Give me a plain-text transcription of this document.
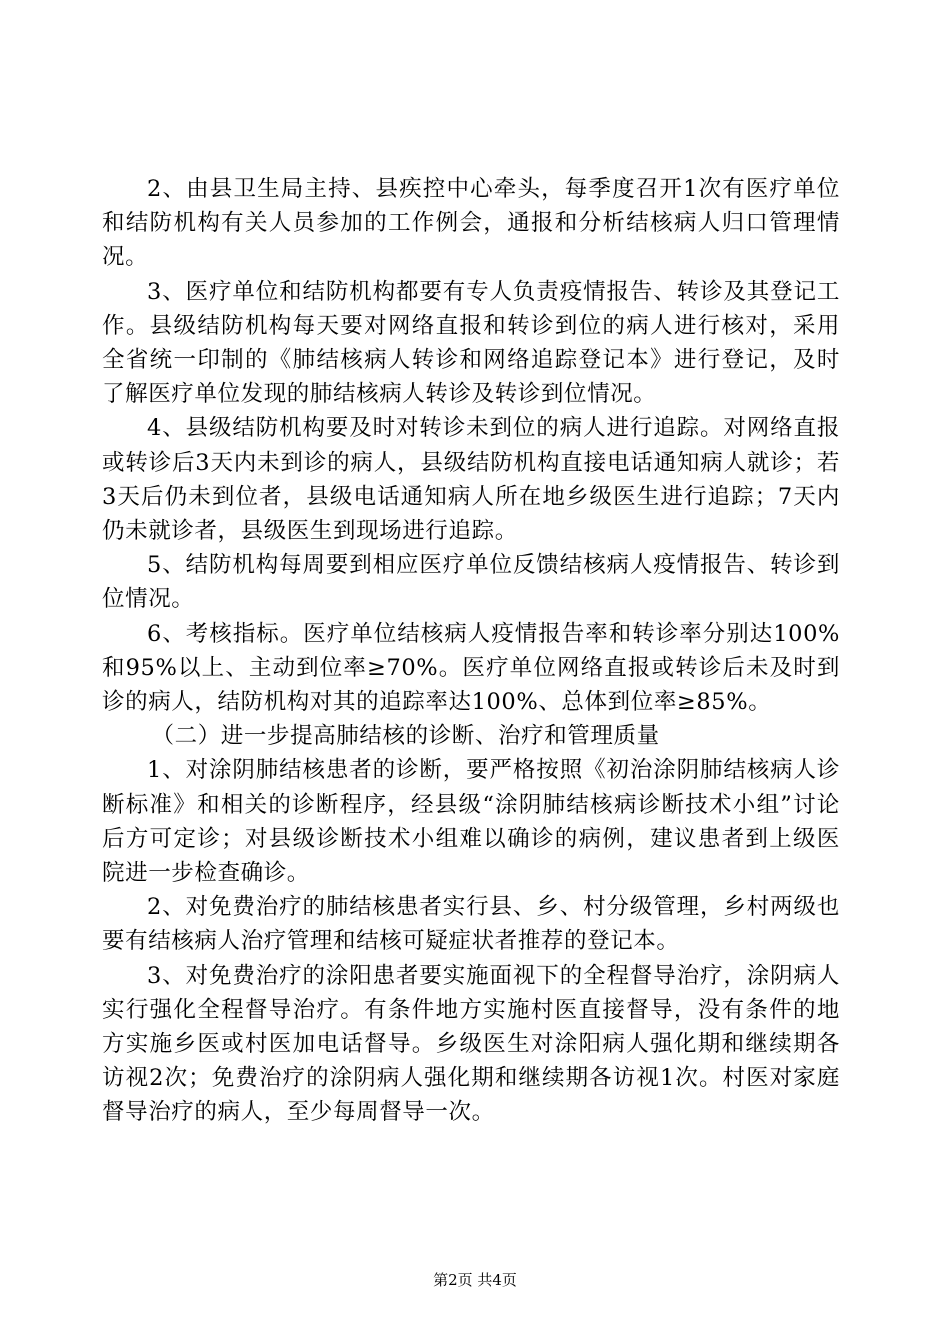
2、由县卫生局主持、县疾控中心牵头，每季度召开1次有医疗单位和结防机构有关人员参加的工作例会，通报和分析结核病人归口管理情况。

3、医疗单位和结防机构都要有专人负责疫情报告、转诊及其登记工作。县级结防机构每天要对网络直报和转诊到位的病人进行核对，采用全省统一印制的《肺结核病人转诊和网络追踪登记本》进行登记，及时了解医疗单位发现的肺结核病人转诊及转诊到位情况。

4、县级结防机构要及时对转诊未到位的病人进行追踪。对网络直报或转诊后3天内未到诊的病人，县级结防机构直接电话通知病人就诊；若3天后仍未到位者，县级电话通知病人所在地乡级医生进行追踪；7天内仍未就诊者，县级医生到现场进行追踪。

5、结防机构每周要到相应医疗单位反馈结核病人疫情报告、转诊到位情况。

6、考核指标。医疗单位结核病人疫情报告率和转诊率分别达100%和95%以上、主动到位率≥70%。医疗单位网络直报或转诊后未及时到诊的病人，结防机构对其的追踪率达100%、总体到位率≥85%。

（二）进一步提高肺结核的诊断、治疗和管理质量

1、对涂阴肺结核患者的诊断，要严格按照《初治涂阴肺结核病人诊断标准》和相关的诊断程序，经县级“涂阴肺结核病诊断技术小组”讨论后方可定诊；对县级诊断技术小组难以确诊的病例，建议患者到上级医院进一步检查确诊。

2、对免费治疗的肺结核患者实行县、乡、村分级管理，乡村两级也要有结核病人治疗管理和结核可疑症状者推荐的登记本。

3、对免费治疗的涂阳患者要实施面视下的全程督导治疗，涂阴病人实行强化全程督导治疗。有条件地方实施村医直接督导，没有条件的地方实施乡医或村医加电话督导。乡级医生对涂阳病人强化期和继续期各访视2次；免费治疗的涂阴病人强化期和继续期各访视1次。村医对家庭督导治疗的病人，至少每周督导一次。

第2页 共4页
